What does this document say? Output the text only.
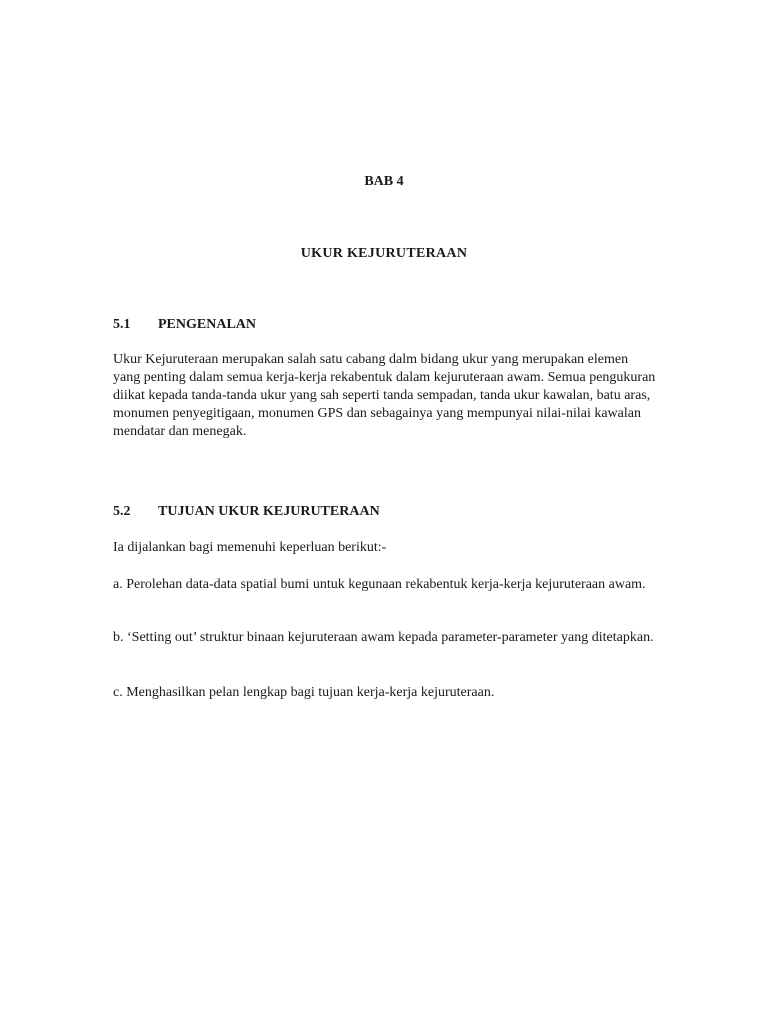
BAB 4
UKUR KEJURUTERAAN
5.1 PENGENALAN

Ukur Kejuruteraan merupakan salah satu cabang dalm bidang ukur yang merupakan elemen yang penting dalam semua kerja-kerja rekabentuk dalam kejuruteraan awam. Semua pengukuran diikat kepada tanda-tanda ukur yang sah seperti tanda sempadan, tanda ukur kawalan, batu aras, monumen penyegitigaan, monumen GPS dan sebagainya yang mempunyai nilai-nilai kawalan mendatar dan menegak.

5.2 TUJUAN UKUR KEJURUTERAAN

Ia dijalankan bagi memenuhi keperluan berikut:-

a. Perolehan data-data spatial bumi untuk kegunaan rekabentuk kerja-kerja kejuruteraan awam.

b. ‘Setting out’ struktur binaan kejuruteraan awam kepada parameter-parameter yang ditetapkan.

c. Menghasilkan pelan lengkap bagi tujuan kerja-kerja kejuruteraan.
